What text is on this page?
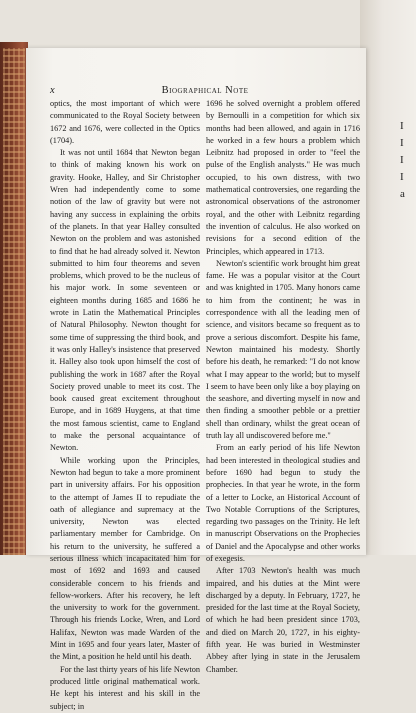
I
I
I
I
a
x	Biographical Note

optics, the most important of which were communicated to the Royal Society between 1672 and 1676, were collected in the Optics (1704).

It was not until 1684 that Newton began to think of making known his work on gravity. Hooke, Halley, and Sir Christopher Wren had independently come to some notion of the law of gravity but were not having any success in explaining the orbits of the planets. In that year Halley consulted Newton on the problem and was astonished to find that he had already solved it. Newton submitted to him four theorems and seven problems, which proved to be the nucleus of his major work. In some seventeen or eighteen months during 1685 and 1686 he wrote in Latin the Mathematical Principles of Natural Philosophy. Newton thought for some time of suppressing the third book, and it was only Halley's insistence that preserved it. Halley also took upon himself the cost of publishing the work in 1687 after the Royal Society proved unable to meet its cost. The book caused great excitement throughout Europe, and in 1689 Huygens, at that time the most famous scientist, came to England to make the personal acquaintance of Newton.

While working upon the Principles, Newton had begun to take a more prominent part in university affairs. For his opposition to the attempt of James II to repudiate the oath of allegiance and supremacy at the university, Newton was elected parliamentary member for Cambridge. On his return to the university, he suffered a serious illness which incapacitated him for most of 1692 and 1693 and caused considerable concern to his friends and fellow-workers. After his recovery, he left the university to work for the government. Through his friends Locke, Wren, and Lord Halifax, Newton was made Warden of the Mint in 1695 and four years later, Master of the Mint, a position he held until his death.

For the last thirty years of his life Newton produced little original mathematical work. He kept his interest and his skill in the subject; in

1696 he solved overnight a problem offered by Bernoulli in a competition for which six months had been allowed, and again in 1716 he worked in a few hours a problem which Leibnitz had proposed in order to "feel the pulse of the English analysts." He was much occupied, to his own distress, with two mathematical controversies, one regarding the astronomical observations of the astronomer royal, and the other with Leibnitz regarding the invention of calculus. He also worked on revisions for a second edition of the Principles, which appeared in 1713.

Newton's scientific work brought him great fame. He was a popular visitor at the Court and was knighted in 1705. Many honors came to him from the continent; he was in correspondence with all the leading men of science, and visitors became so frequent as to prove a serious discomfort. Despite his fame, Newton maintained his modesty. Shortly before his death, he remarked: "I do not know what I may appear to the world; but to myself I seem to have been only like a boy playing on the seashore, and diverting myself in now and then finding a smoother pebble or a prettier shell than ordinary, whilst the great ocean of truth lay all undiscovered before me."

From an early period of his life Newton had been interested in theological studies and before 1690 had begun to study the prophecies. In that year he wrote, in the form of a letter to Locke, an Historical Account of Two Notable Corruptions of the Scriptures, regarding two passages on the Trinity. He left in manuscript Observations on the Prophecies of Daniel and the Apocalypse and other works of exegesis.

After 1703 Newton's health was much impaired, and his duties at the Mint were discharged by a deputy. In February, 1727, he presided for the last time at the Royal Society, of which he had been president since 1703, and died on March 20, 1727, in his eighty-fifth year. He was buried in Westminster Abbey after lying in state in the Jerusalem Chamber.
